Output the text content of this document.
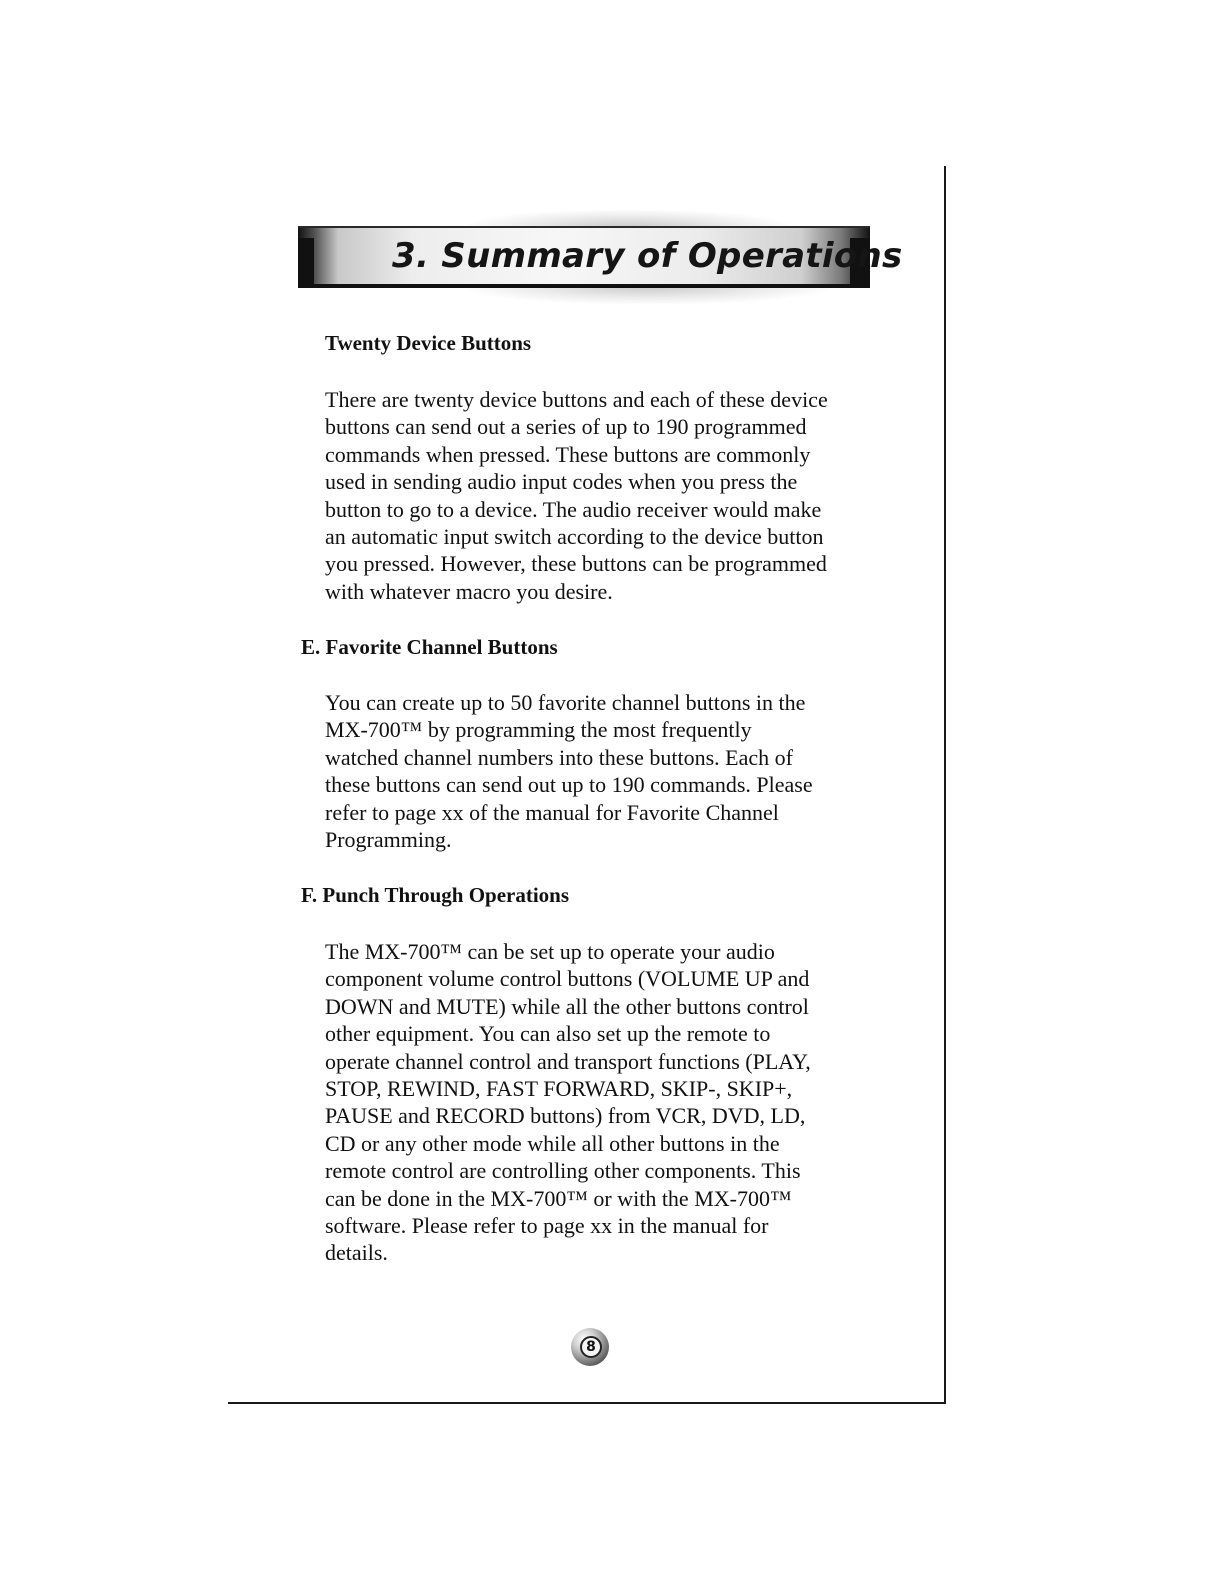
3. Summary of Operations
Twenty Device Buttons

There are twenty device buttons and each of these device
buttons can send out a series of up to 190 programmed
commands when pressed. These buttons are commonly
used in sending audio input codes when you press the
button to go to a device. The audio receiver would make
an automatic input switch according to the device button
you pressed. However, these buttons can be programmed
with whatever macro you desire.

E. Favorite Channel Buttons

You can create up to 50 favorite channel buttons in the
MX-700™ by programming the most frequently
watched channel numbers into these buttons. Each of
these buttons can send out up to 190 commands. Please
refer to page xx of the manual for Favorite Channel
Programming.

F. Punch Through Operations

The MX-700™ can be set up to operate your audio
component volume control buttons (VOLUME UP and
DOWN and MUTE) while all the other buttons control
other equipment. You can also set up the remote to
operate channel control and transport functions (PLAY,
STOP, REWIND, FAST FORWARD, SKIP-, SKIP+,
PAUSE and RECORD buttons) from VCR, DVD, LD,
CD or any other mode while all other buttons in the
remote control are controlling other components. This
can be done in the MX-700™ or with the MX-700™
software. Please refer to page xx in the manual for
details.

8
